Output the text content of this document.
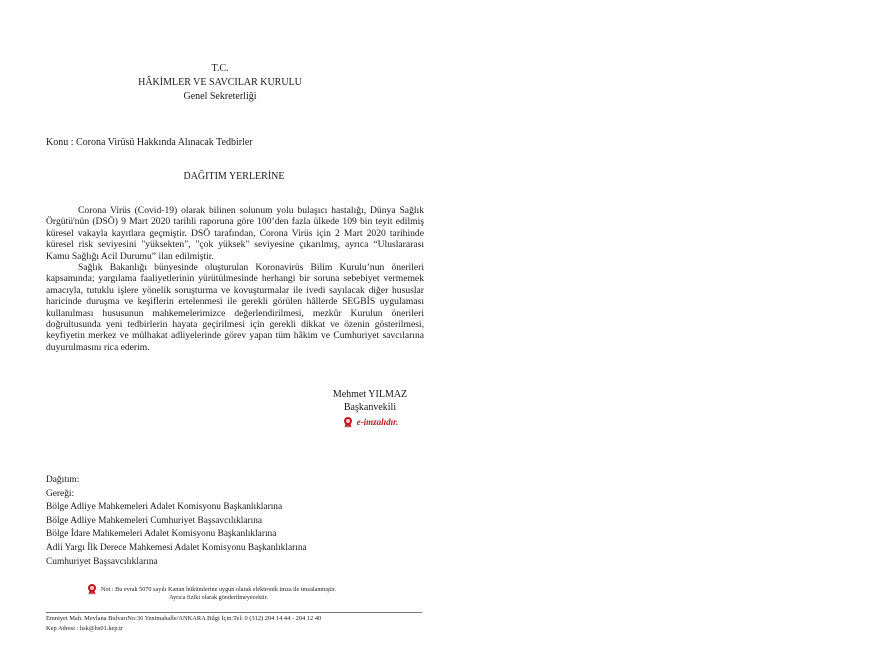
T.C.
HÂKİMLER VE SAVCILAR KURULU
Genel Sekreterliği
Konu : Corona Virüsü Hakkında Alınacak Tedbirler
DAĞITIM YERLERİNE

Corona Virüs (Covid-19) olarak bilinen solunum yolu bulaşıcı hastalığı, Dünya Sağlık Örgütü'nün (DSÖ) 9 Mart 2020 tarihli raporuna göre 100’den fazla ülkede 109 bin teyit edilmiş küresel vakayla kayıtlara geçmiştir. DSÖ tarafından, Corona Virüs için 2 Mart 2020 tarihinde küresel risk seviyesini "yüksekten", "çok yüksek" seviyesine çıkarılmış, ayrıca “Uluslararası Kamu Sağlığı Acil Durumu” ilan edilmiştir.

Sağlık Bakanlığı bünyesinde oluşturulan Koronavirüs Bilim Kurulu’nun önerileri kapsamında; yargılama faaliyetlerinin yürütülmesinde herhangi bir soruna sebebiyet vermemek amacıyla, tutuklu işlere yönelik soruşturma ve kovuşturmalar ile ivedi sayılacak diğer hususlar haricinde duruşma ve keşiflerin ertelenmesi ile gerekli görülen hâllerde SEGBİS uygulaması kullanılması hususunun mahkemelerimizce değerlendirilmesi, mezkûr Kurulun önerileri doğrultusunda yeni tedbirlerin hayata geçirilmesi için gerekli dikkat ve özenin gösterilmesi, keyfiyetin merkez ve mülhakat adliyelerinde görev yapan tüm hâkim ve Cumhuriyet savcılarına duyurulmasını rica ederim.

Mehmet YILMAZ
Başkanvekili
e-imzalıdır.
Dağıtım:
Gereği:
Bölge Adliye Mahkemeleri Adalet Komisyonu Başkanlıklarına
Bölge Adliye Mahkemeleri Cumhuriyet Başsavcılıklarına
Bölge İdare Mahkemeleri Adalet Komisyonu Başkanlıklarına
Adli Yargı İlk Derece Mahkemesi Adalet Komisyonu Başkanlıklarına
Cumhuriyet Başsavcılıklarına
Not : Bu evrak 5070 sayılı Kanun hükümlerine uygun olarak elektronik imza ile imzalanmıştır.
Ayrıca fiziki olarak gönderilmeyecektir.
Emniyet Mah. Mevlana BulvarıNo:36 Yenimahalle/ANKARA Bilgi İçin:Tel: 0 (312) 204 14 44 - 204 12 40
Kep Adresi : hsk@hs01.kep.tr
